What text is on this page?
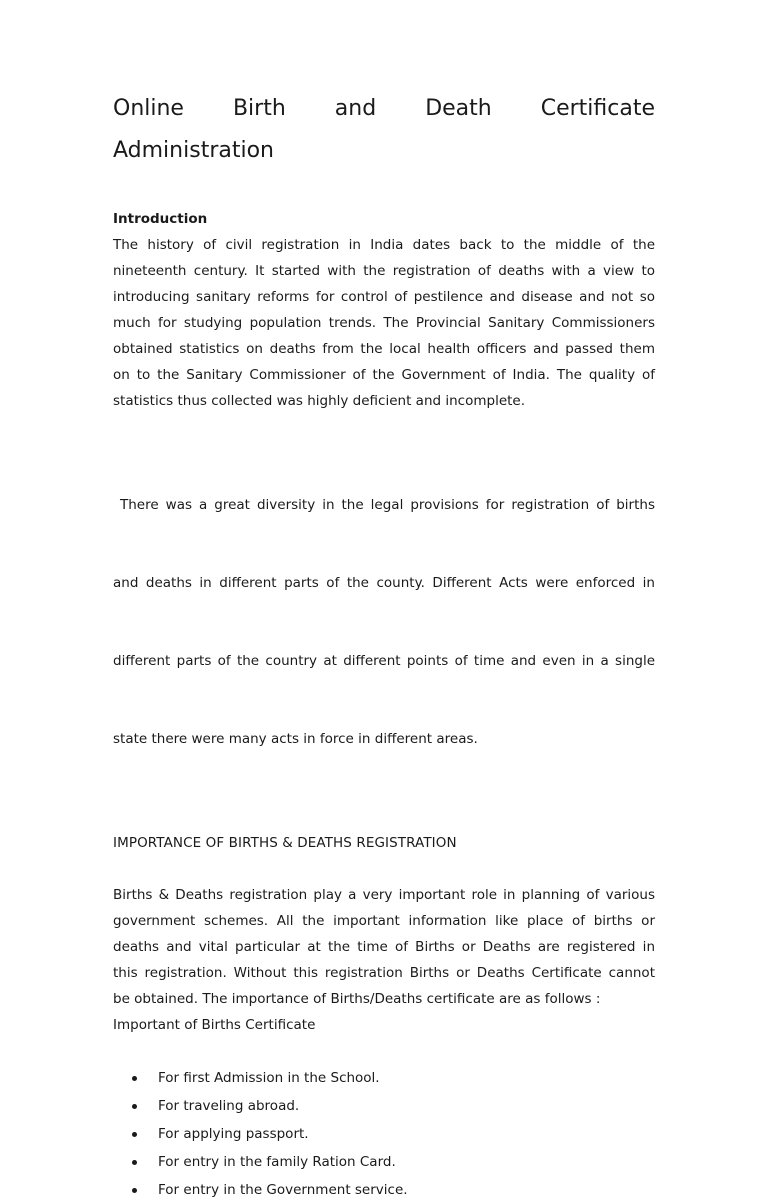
Online Birth and Death Certificate
Administration
Introduction

The history of civil registration in India dates back to the middle of the
nineteenth century. It started with the registration of deaths with a view to
introducing sanitary reforms for control of pestilence and disease and not so
much for studying population trends. The Provincial Sanitary Commissioners
obtained statistics on deaths from the local health officers and passed them
on to the Sanitary Commissioner of the Government of India. The quality of
statistics thus collected was highly deficient and incomplete.

There was a great diversity in the legal provisions for registration of births

and deaths in different parts of the county. Different Acts were enforced in

different parts of the country at different points of time and even in a single

state there were many acts in force in different areas.

IMPORTANCE OF BIRTHS & DEATHS REGISTRATION

Births & Deaths registration play a very important role in planning of various
government schemes. All the important information like place of births or
deaths and vital particular at the time of Births or Deaths are registered in
this registration. Without this registration Births or Deaths Certificate cannot
be obtained. The importance of Births/Deaths certificate are as follows :
Important of Births Certificate

For first Admission in the School.
For traveling abroad.
For applying passport.
For entry in the family Ration Card.
For entry in the Government service.
